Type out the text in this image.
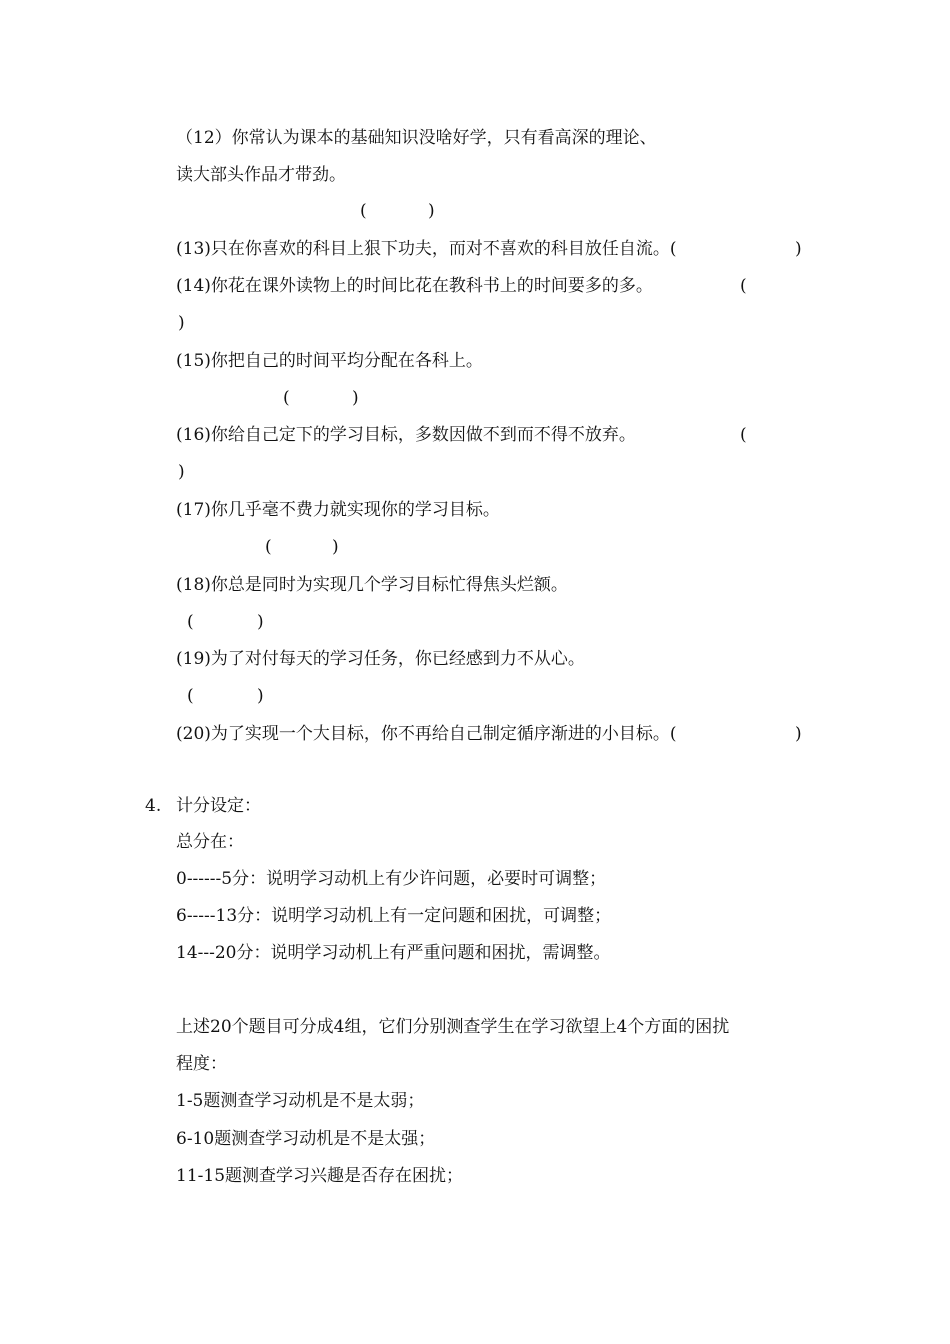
（12）你常认为课本的基础知识没啥好学，只有看高深的理论、
读大部头作品才带劲。
(	)
(13)只在你喜欢的科目上狠下功夫，而对不喜欢的科目放任自流。(	)
(14)你花在课外读物上的时间比花在教科书上的时间要多的多。	(
)
(15)你把自己的时间平均分配在各科上。
(	)
(16)你给自己定下的学习目标，多数因做不到而不得不放弃。	(
)
(17)你几乎毫不费力就实现你的学习目标。
(	)
(18)你总是同时为实现几个学习目标忙得焦头烂额。
(	)
(19)为了对付每天的学习任务，你已经感到力不从心。
(	)
(20)为了实现一个大目标，你不再给自己制定循序渐进的小目标。(	)
4. 计分设定：
总分在：
0------5分：说明学习动机上有少许问题，必要时可调整；
6-----13分：说明学习动机上有一定问题和困扰，可调整；
14---20分：说明学习动机上有严重问题和困扰，需调整。
上述20个题目可分成4组，它们分别测查学生在学习欲望上4个方面的困扰
程度：
1-5题测查学习动机是不是太弱；
6-10题测查学习动机是不是太强；
11-15题测查学习兴趣是否存在困扰；
